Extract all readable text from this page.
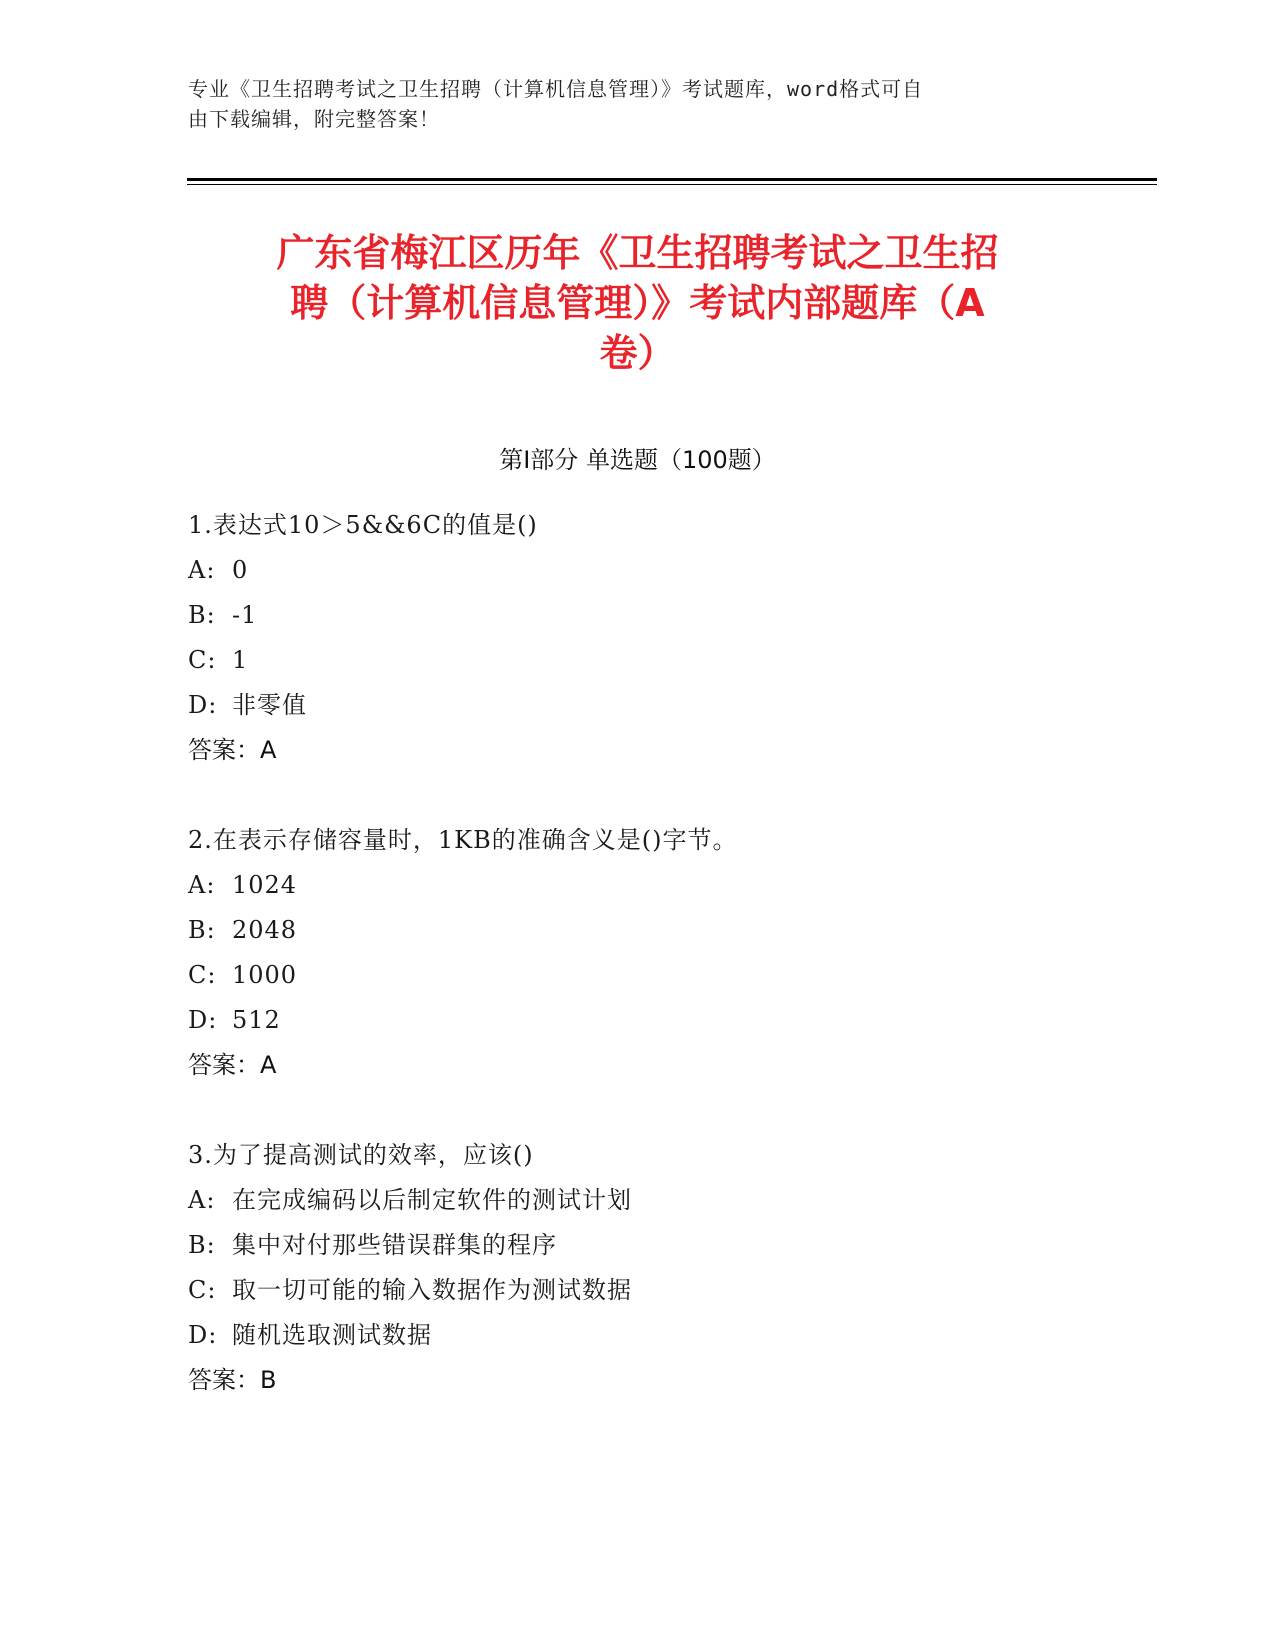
专业《卫生招聘考试之卫生招聘（计算机信息管理）》考试题库，word格式可自
由下载编辑，附完整答案！
广东省梅江区历年《卫生招聘考试之卫生招
聘（计算机信息管理）》考试内部题库（A
卷）
第Ⅰ部分 单选题（100题）
1.表达式10＞5&&6C的值是()
A: 0
B: -1
C: 1
D: 非零值
答案：A
2.在表示存储容量时，1KB的准确含义是()字节。
A: 1024
B: 2048
C: 1000
D: 512
答案：A
3.为了提高测试的效率，应该()
A: 在完成编码以后制定软件的测试计划
B: 集中对付那些错误群集的程序
C: 取一切可能的输入数据作为测试数据
D: 随机选取测试数据
答案：B
